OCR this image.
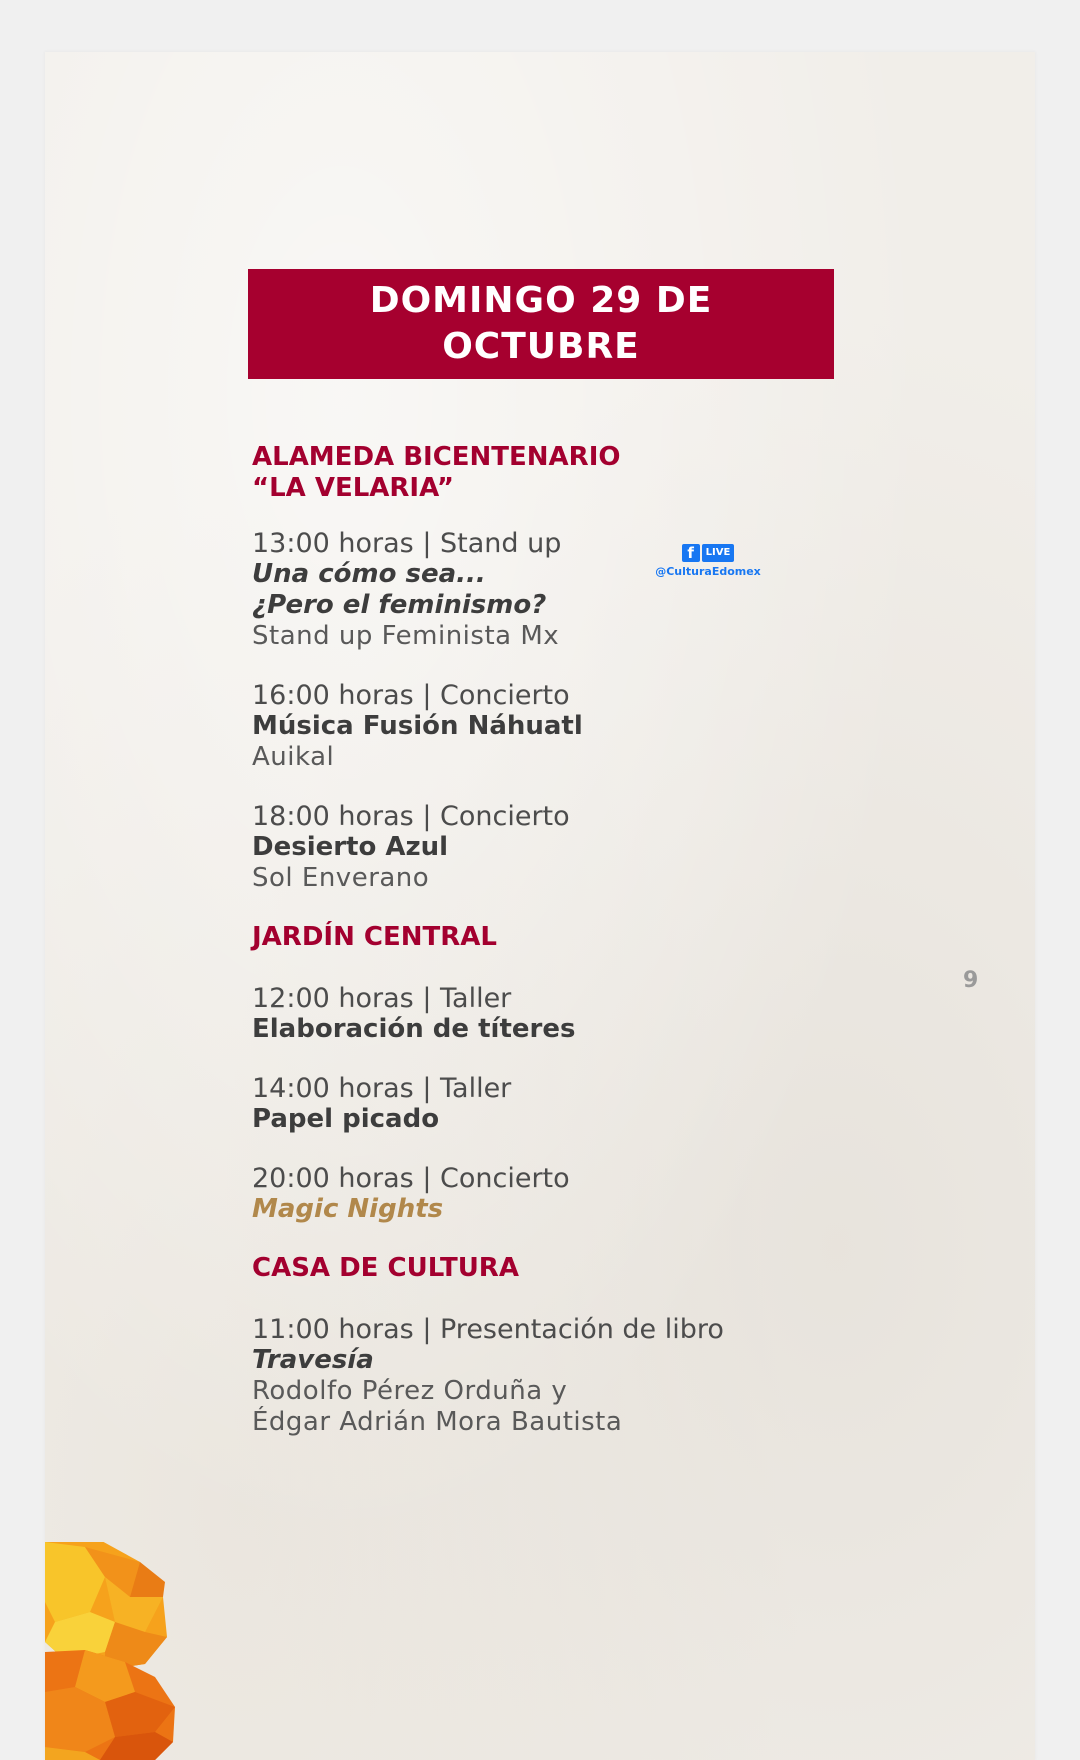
DOMINGO 29 DE
OCTUBRE
f	LIVE
@CulturaEdomex
ALAMEDA BICENTENARIO
“LA VELARIA”
13:00 horas | Stand up
Una cómo sea...
¿Pero el feminismo?
Stand up Feminista Mx
16:00 horas | Concierto
Música Fusión Náhuatl
Auikal
18:00 horas | Concierto
Desierto Azul
Sol Enverano
JARDÍN CENTRAL
12:00 horas | Taller
Elaboración de títeres
14:00 horas | Taller
Papel picado
20:00 horas | Concierto
Magic Nights
CASA DE CULTURA
11:00 horas | Presentación de libro
Travesía
Rodolfo Pérez Orduña y
Édgar Adrián Mora Bautista
9
